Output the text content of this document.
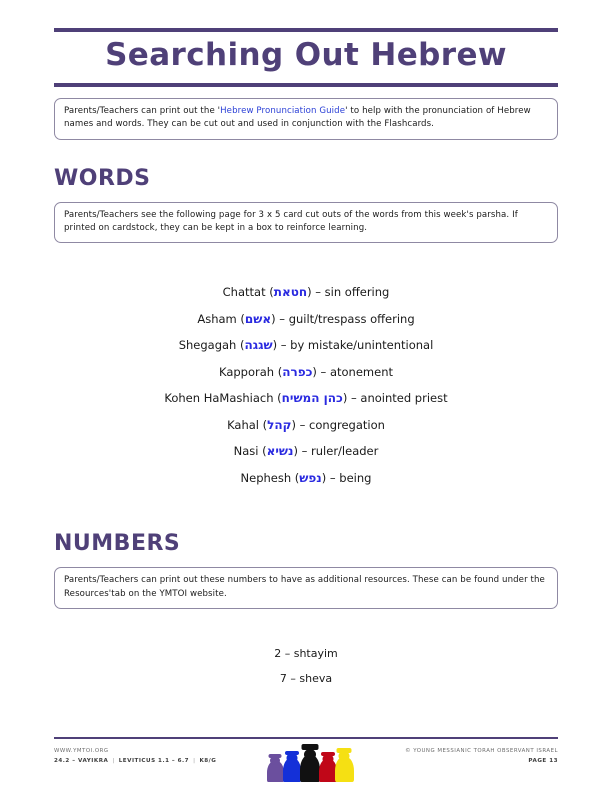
Searching Out Hebrew

Parents/Teachers can print out the 'Hebrew Pronunciation Guide' to help with the pronunciation of Hebrew names and words. They can be cut out and used in conjunction with the Flashcards.

WORDS

Parents/Teachers see the following page for 3 x 5 card cut outs of the words from this week's parsha. If printed on cardstock, they can be kept in a box to reinforce learning.

Chattat (חטאת) – sin offering
Asham (אשם) – guilt/trespass offering
Shegagah (שגגה) – by mistake/unintentional
Kapporah (כפרה) – atonement
Kohen HaMashiach (כהן המשיח) – anointed priest
Kahal (קהל) – congregation
Nasi (נשיא) – ruler/leader
Nephesh (נפש) – being
NUMBERS

Parents/Teachers can print out these numbers to have as additional resources. These can be found under the Resources'tab on the YMTOI website.

2 – shtayim
7 – sheva
WWW.YMTOI.ORG
24.2 – VAYIKRA | LEVITICUS 1.1 – 6.7 | K8/G
© YOUNG MESSIANIC TORAH OBSERVANT ISRAEL
PAGE 13
